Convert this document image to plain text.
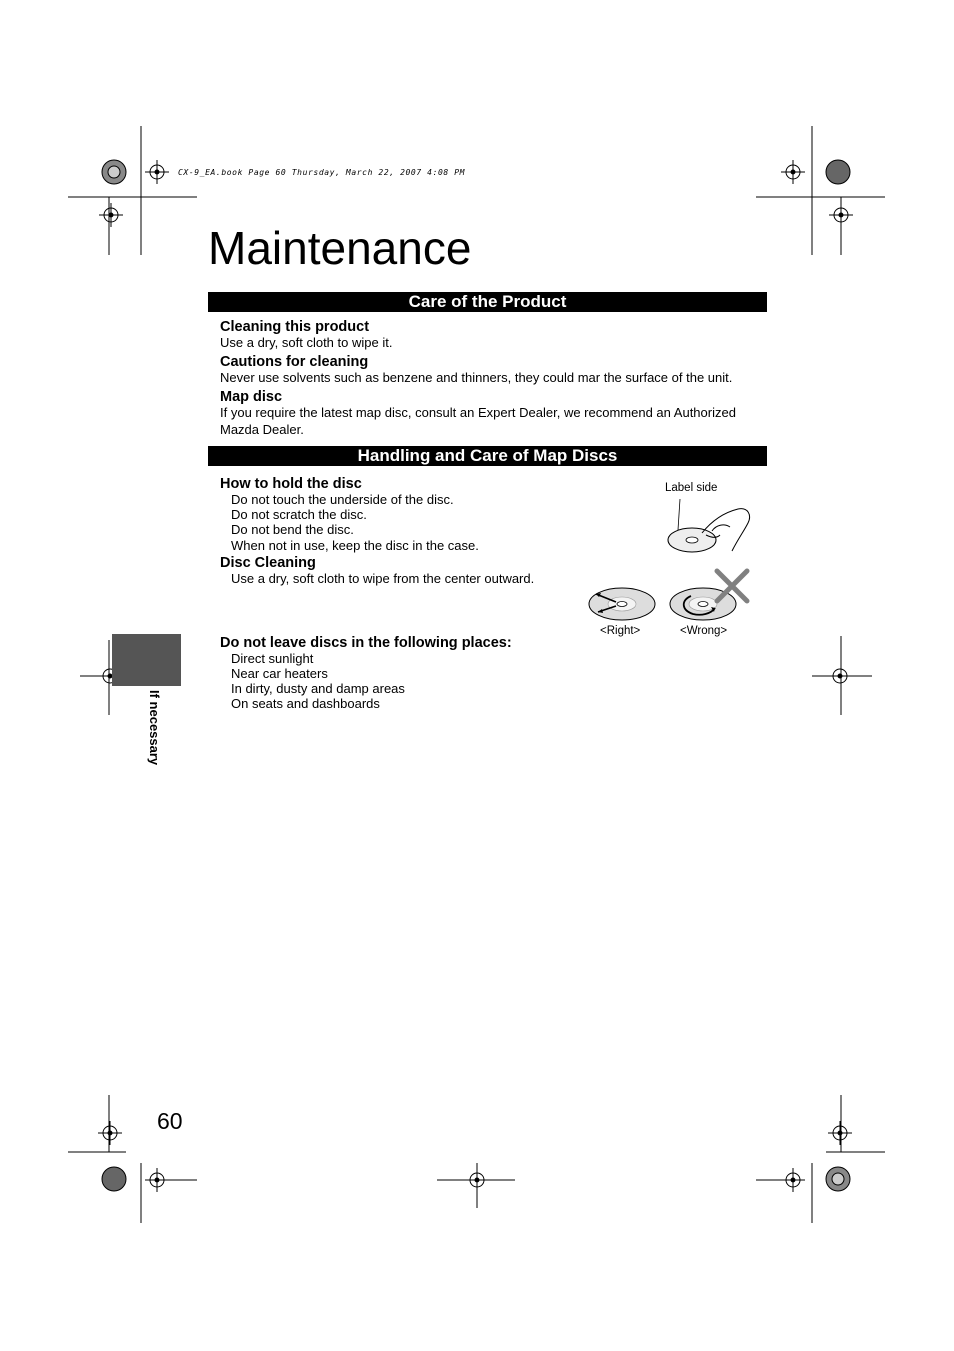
CX-9_EA.book Page 60 Thursday, March 22, 2007 4:08 PM
Maintenance
Care of the Product
Cleaning this product
Use a dry, soft cloth to wipe it.
Cautions for cleaning
Never use solvents such as benzene and thinners, they could mar the surface of the unit.
Map disc
If you require the latest map disc, consult an Expert Dealer, we recommend an Authorized
Mazda Dealer.
Handling and Care of Map Discs
How to hold the disc
Do not touch the underside of the disc.
Do not scratch the disc.
Do not bend the disc.
When not in use, keep the disc in the case.
Disc Cleaning
Use a dry, soft cloth to wipe from the center outward.
Do not leave discs in the following places:
Direct sunlight
Near car heaters
In dirty, dusty and damp areas
On seats and dashboards
Label side
<Right>	<Wrong>
If necessary
60
